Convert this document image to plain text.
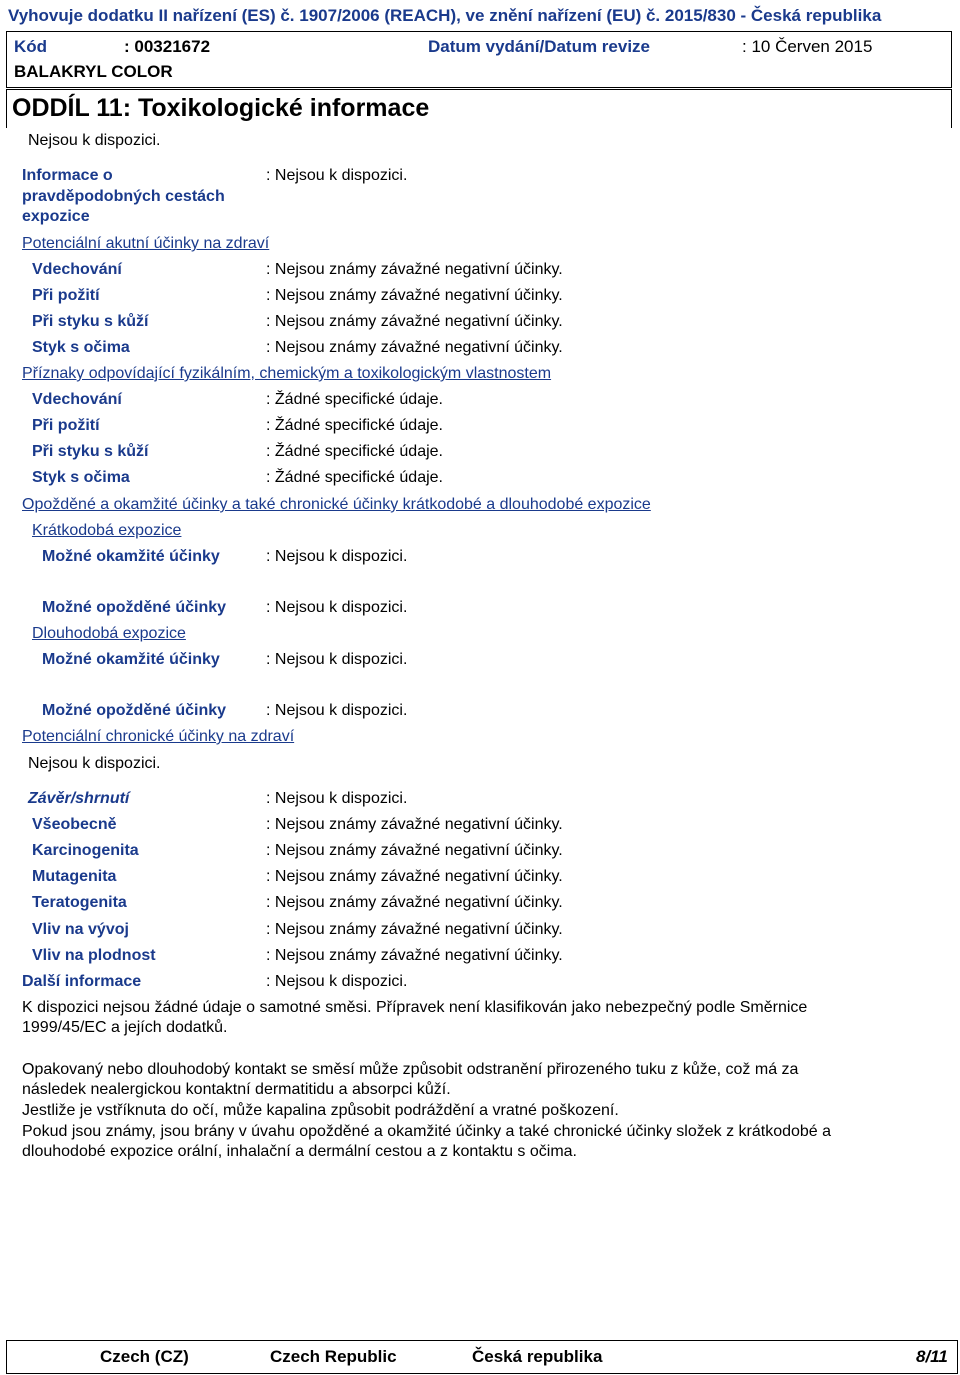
Vyhovuje dodatku II nařízení (ES) č. 1907/2006 (REACH), ve znění nařízení (EU) č. 2015/830 - Česká republika
Kód	: 00321672	Datum vydání/Datum revize	: 10 Červen 2015
BALAKRYL COLOR
ODDÍL 11: Toxikologické informace
Nejsou k dispozici.
Informace o
pravděpodobných cestách
expozice
: Nejsou k dispozici.
Potenciální akutní účinky na zdraví
Vdechování	: Nejsou známy závažné negativní účinky.
Při požití	: Nejsou známy závažné negativní účinky.
Při styku s kůží	: Nejsou známy závažné negativní účinky.
Styk s očima	: Nejsou známy závažné negativní účinky.
Příznaky odpovídající fyzikálním, chemickým a toxikologickým vlastnostem
Vdechování	: Žádné specifické údaje.
Při požití	: Žádné specifické údaje.
Při styku s kůží	: Žádné specifické údaje.
Styk s očima	: Žádné specifické údaje.
Opožděné a okamžité účinky a také chronické účinky krátkodobé a dlouhodobé expozice
Krátkodobá expozice
Možné okamžité účinky	: Nejsou k dispozici.
Možné opožděné účinky : Nejsou k dispozici.
Dlouhodobá expozice
Možné okamžité účinky	: Nejsou k dispozici.
Možné opožděné účinky : Nejsou k dispozici.
Potenciální chronické účinky na zdraví
Nejsou k dispozici.
Závěr/shrnutí	: Nejsou k dispozici.
Všeobecně	: Nejsou známy závažné negativní účinky.
Karcinogenita	: Nejsou známy závažné negativní účinky.
Mutagenita	: Nejsou známy závažné negativní účinky.
Teratogenita	: Nejsou známy závažné negativní účinky.
Vliv na vývoj	: Nejsou známy závažné negativní účinky.
Vliv na plodnost	: Nejsou známy závažné negativní účinky.
Další informace	: Nejsou k dispozici.
K dispozici nejsou žádné údaje o samotné směsi. Přípravek není klasifikován jako nebezpečný podle Směrnice
1999/45/EC a jejích dodatků.
Opakovaný nebo dlouhodobý kontakt se směsí může způsobit odstranění přirozeného tuku z kůže, což má za
následek nealergickou kontaktní dermatitidu a absorpci kůží.
Jestliže je vstříknuta do očí, může kapalina způsobit podráždění a vratné poškození.
Pokud jsou známy, jsou brány v úvahu opožděné a okamžité účinky a také chronické účinky složek z krátkodobé a
dlouhodobé expozice orální, inhalační a dermální cestou a z kontaktu s očima.
Czech (CZ)	Czech Republic	Česká republika	8/11
